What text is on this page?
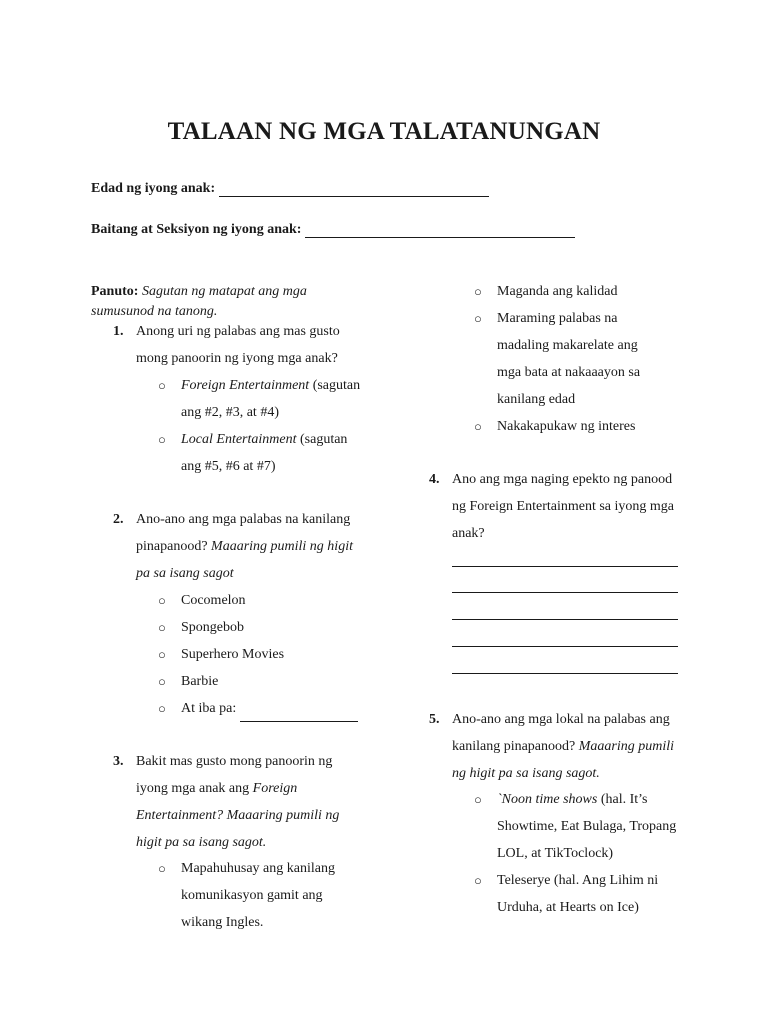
TALAAN NG MGA TALATANUNGAN
Edad ng iyong anak:
Baitang at Seksiyon ng iyong anak:
Panuto: Sagutan ng matapat ang mga sumusunod na tanong.
1. Anong uri ng palabas ang mas gusto mong panoorin ng iyong mga anak?
○	Foreign Entertainment (sagutan ang #2, #3, at #4)
○	Local Entertainment (sagutan ang #5, #6 at #7)
2. Ano-ano ang mga palabas na kanilang pinapanood? Maaaring pumili ng higit pa sa isang sagot
○ Cocomelon
○ Spongebob
○ Superhero Movies
○ Barbie
○ At iba pa:
3. Bakit mas gusto mong panoorin ng iyong mga anak ang Foreign Entertainment? Maaaring pumili ng higit pa sa isang sagot.
○	Mapahuhusay ang kanilang komunikasyon gamit ang wikang Ingles.
○	Maganda ang kalidad
○	Maraming palabas na madaling makarelate ang mga bata at nakaaayon sa kanilang edad
○	Nakakapukaw ng interes
4. Ano ang mga naging epekto ng panood ng Foreign Entertainment sa iyong mga anak?
5. Ano-ano ang mga lokal na palabas ang kanilang pinapanood? Maaaring pumili ng higit pa sa isang sagot.
○	`Noon time shows (hal. It’s Showtime, Eat Bulaga, Tropang LOL, at TikToclock)
○	Teleserye (hal. Ang Lihim ni Urduha, at Hearts on Ice)
